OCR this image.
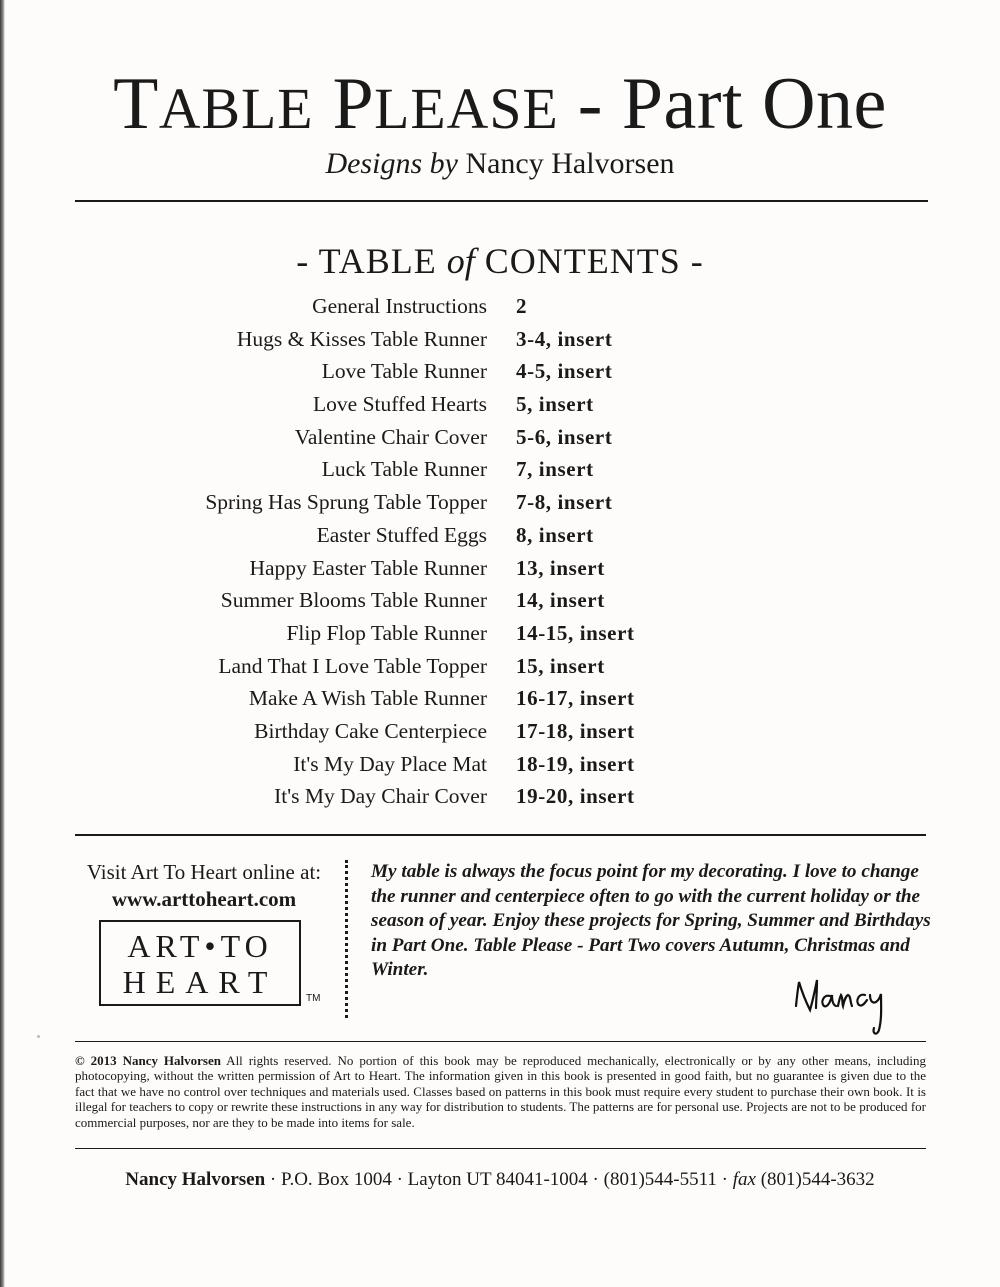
TABLE PLEASE - Part One
Designs by Nancy Halvorsen
- TABLE of CONTENTS -
General Instructions 2
Hugs & Kisses Table Runner 3-4, insert
Love Table Runner 4-5, insert
Love Stuffed Hearts 5, insert
Valentine Chair Cover 5-6, insert
Luck Table Runner 7, insert
Spring Has Sprung Table Topper 7-8, insert
Easter Stuffed Eggs 8, insert
Happy Easter Table Runner 13, insert
Summer Blooms Table Runner 14, insert
Flip Flop Table Runner 14-15, insert
Land That I Love Table Topper 15, insert
Make A Wish Table Runner 16-17, insert
Birthday Cake Centerpiece 17-18, insert
It's My Day Place Mat 18-19, insert
It's My Day Chair Cover 19-20, insert
Visit Art To Heart online at:
www.arttoheart.com
ART•TO
HEART	TM
My table is always the focus point for my decorating. I love to change the runner and centerpiece often to go with the current holiday or the season of year. Enjoy these projects for Spring, Summer and Birthdays in Part One. Table Please - Part Two covers Autumn, Christmas and Winter.
© 2013 Nancy Halvorsen All rights reserved. No portion of this book may be reproduced mechanically, electronically or by any other means, including photocopying, without the written permission of Art to Heart. The information given in this book is presented in good faith, but no guarantee is given due to the fact that we have no control over techniques and materials used. Classes based on patterns in this book must require every student to purchase their own book. It is illegal for teachers to copy or rewrite these instructions in any way for distribution to students. The patterns are for personal use. Projects are not to be produced for commercial purposes, nor are they to be made into items for sale.
Nancy Halvorsen · P.O. Box 1004 · Layton UT 84041-1004 · (801)544-5511 · fax (801)544-3632
